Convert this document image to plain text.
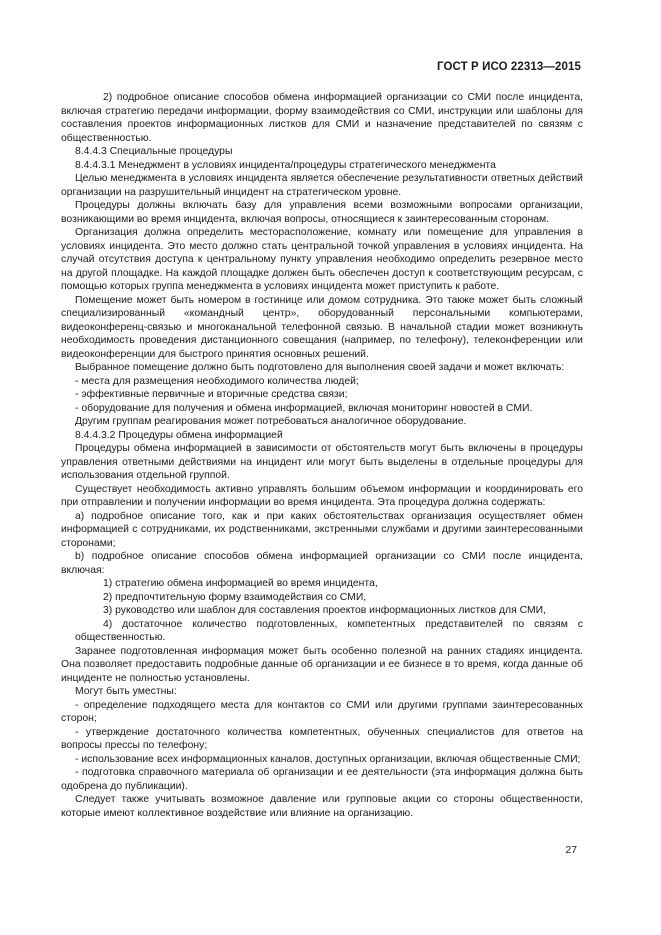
ГОСТ Р ИСО 22313—2015

2) подробное описание способов обмена информацией организации со СМИ после инцидента, включая стратегию передачи информации, форму взаимодействия со СМИ, инструкции или шаблоны для составления проектов информационных листков для СМИ и назначение представителей по связям с общественностью.

8.4.4.3 Специальные процедуры

8.4.4.3.1 Менеджмент в условиях инцидента/процедуры стратегического менеджмента

Целью менеджмента в условиях инцидента является обеспечение результативности ответных действий организации на разрушительный инцидент на стратегическом уровне.

Процедуры должны включать базу для управления всеми возможными вопросами организации, возникающими во время инцидента, включая вопросы, относящиеся к заинтересованным сторонам.

Организация должна определить месторасположение, комнату или помещение для управления в условиях инцидента. Это место должно стать центральной точкой управления в условиях инцидента. На случай отсутствия доступа к центральному пункту управления необходимо определить резервное место на другой площадке. На каждой площадке должен быть обеспечен доступ к соответствующим ресурсам, с помощью которых группа менеджмента в условиях инцидента может приступить к работе.

Помещение может быть номером в гостинице или домом сотрудника. Это также может быть сложный специализированный «командный центр», оборудованный персональными компьютерами, видеоконференц-связью и многоканальной телефонной связью. В начальной стадии может возникнуть необходимость проведения дистанционного совещания (например, по телефону), телеконференции или видеоконференции для быстрого принятия основных решений.

Выбранное помещение должно быть подготовлено для выполнения своей задачи и может включать:

- места для размещения необходимого количества людей;

- эффективные первичные и вторичные средства связи;

- оборудование для получения и обмена информацией, включая мониторинг новостей в СМИ.

Другим группам реагирования может потребоваться аналогичное оборудование.

8.4.4.3.2 Процедуры обмена информацией

Процедуры обмена информацией в зависимости от обстоятельств могут быть включены в процедуры управления ответными действиями на инцидент или могут быть выделены в отдельные процедуры для использования отдельной группой.

Существует необходимость активно управлять большим объемом информации и координировать его при отправлении и получении информации во время инцидента. Эта процедура должна содержать:

a) подробное описание того, как и при каких обстоятельствах организация осуществляет обмен информацией с сотрудниками, их родственниками, экстренными службами и другими заинтересованными сторонами;

b) подробное описание способов обмена информацией организации со СМИ после инцидента, включая:

1) стратегию обмена информацией во время инцидента,

2) предпочтительную форму взаимодействия со СМИ,

3) руководство или шаблон для составления проектов информационных листков для СМИ,

4) достаточное количество подготовленных, компетентных представителей по связям с общественностью.

Заранее подготовленная информация может быть особенно полезной на ранних стадиях инцидента. Она позволяет предоставить подробные данные об организации и ее бизнесе в то время, когда данные об инциденте не полностью установлены.

Могут быть уместны:

- определение подходящего места для контактов со СМИ или другими группами заинтересованных сторон;

- утверждение достаточного количества компетентных, обученных специалистов для ответов на вопросы прессы по телефону;

- использование всех информационных каналов, доступных организации, включая общественные СМИ;

- подготовка справочного материала об организации и ее деятельности (эта информация должна быть одобрена до публикации).

Следует также учитывать возможное давление или групповые акции со стороны общественности, которые имеют коллективное воздействие или влияние на организацию.

27
